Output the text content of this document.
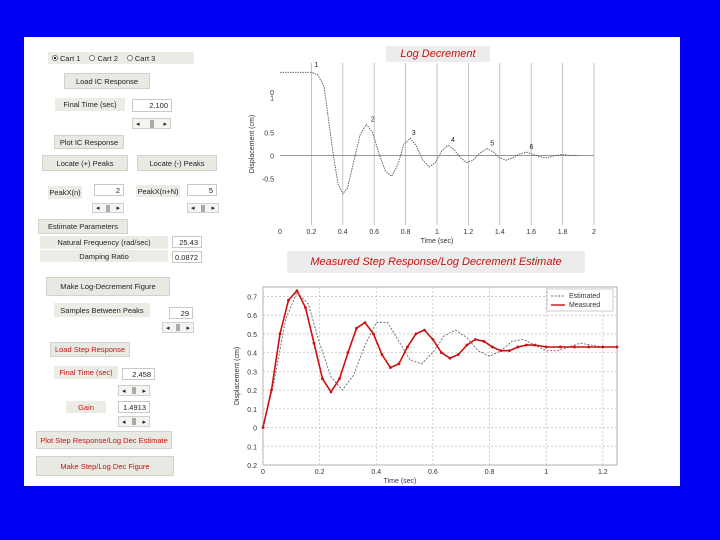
Cart 1 Cart 2 Cart 3
Load IC Response
Final Time (sec)	2.100
◂	▸
Plot IC Response
Locate (+) Peaks	Locate (-) Peaks
PeakX(n)	2	PeakX(n+N)	5
◂ ▸	◂ ▸
Estimate Parameters
Natural Frequency (rad/sec)	25.43
Damping Ratio	0.0872
Make Log-Decrement Figure
Samples Between Peaks	29
◂ ▸
Load Step Response
Final Time (sec)	2.458
◂ ▸
Gain	1.4913
◂ ▸
Plot Step Response/Log Dec Estimate
Make Step/Log Dec Figure
Log Decrement
Measured Step Response/Log Decrement Estimate
0	0.2	0.4	0.6	0.8	1	1.2	1.4	1.6	1.8	2
0
1
0.5
0
-0.5
Time (sec)
Displacement (cm)
1
2
3
4	5	6
0.7
0.6
0.5
0.4
0.3
0.2
0.1
0
0.1
0.2
0	0.2	0.4	0.6	0.8	1	1.2
Time (sec)
Displacement (cm)
Estimated
Measured
